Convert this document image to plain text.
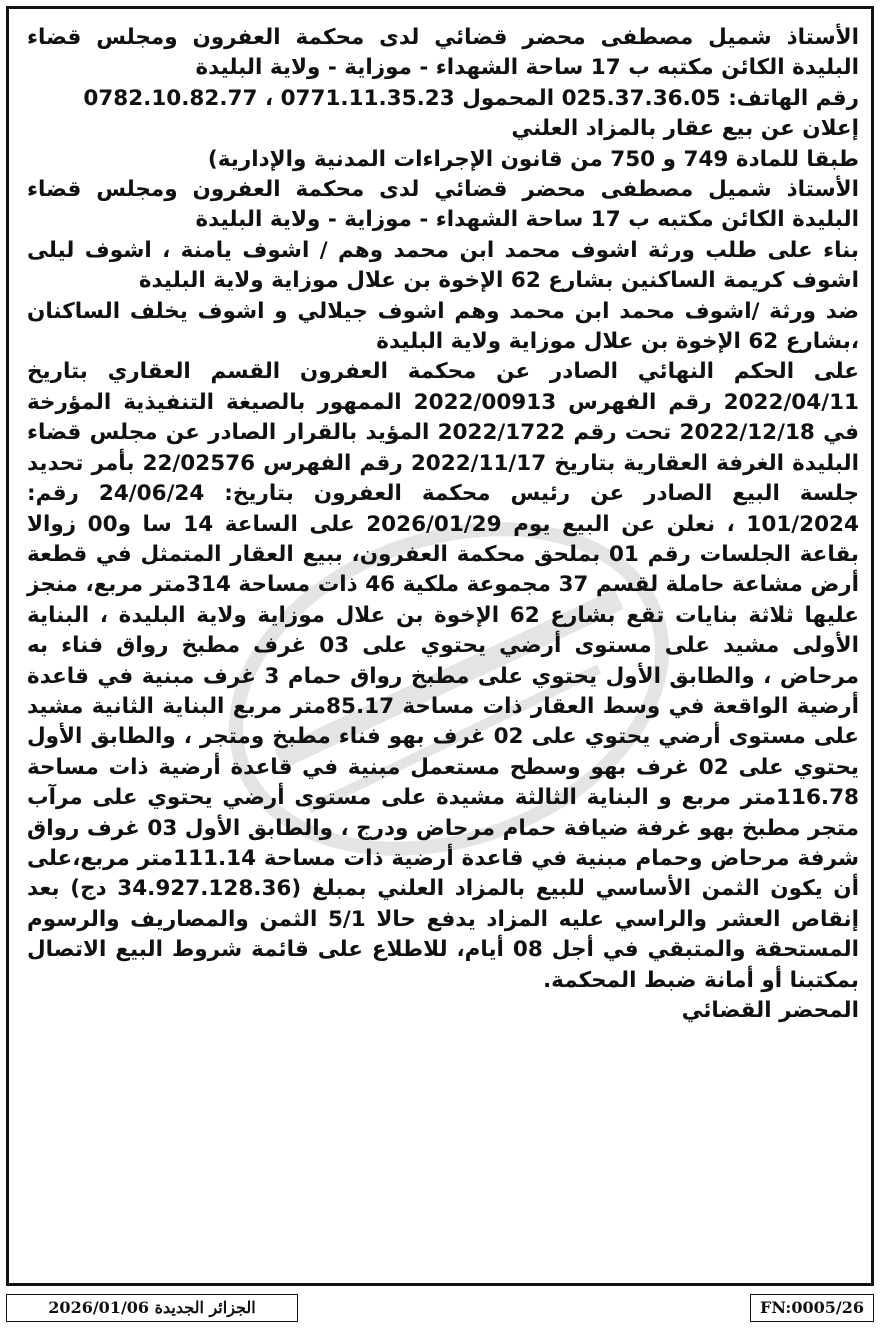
الأستاذ شميل مصطفى محضر قضائي لدى محكمة العفرون ومجلس قضاء البليدة الكائن مكتبه ب 17 ساحة الشهداء - موزاية - ولاية البليدة

رقم الهاتف: 025.37.36.05 المحمول 0771.11.35.23 ، 0782.10.82.77

إعلان عن بيع عقار بالمزاد العلني

طبقا للمادة 749 و 750 من قانون الإجراءات المدنية والإدارية)

الأستاذ شميل مصطفى محضر قضائي لدى محكمة العفرون ومجلس قضاء البليدة الكائن مكتبه ب 17 ساحة الشهداء - موزاية - ولاية البليدة

بناء على طلب ورثة اشوف محمد ابن محمد وهم / اشوف يامنة ، اشوف ليلى اشوف كريمة الساكنين بشارع 62 الإخوة بن علال موزاية ولاية البليدة

ضد ورثة /اشوف محمد ابن محمد وهم اشوف جيلالي و اشوف يخلف الساكنان ،بشارع 62 الإخوة بن علال موزاية ولاية البليدة

على الحكم النهائي الصادر عن محكمة العفرون القسم العقاري بتاريخ 2022/04/11 رقم الفهرس 2022/00913 الممهور بالصيغة التنفيذية المؤرخة في 2022/12/18 تحت رقم 2022/1722 المؤيد بالقرار الصادر عن مجلس قضاء البليدة الغرفة العقارية بتاريخ 2022/11/17 رقم الفهرس 22/02576 بأمر تحديد جلسة البيع الصادر عن رئيس محكمة العفرون بتاريخ: 24/06/24 رقم: 101/2024 ، نعلن عن البيع يوم 2026/01/29 على الساعة 14 سا و00 زوالا بقاعة الجلسات رقم 01 بملحق محكمة العفرون، ببيع العقار المتمثل في قطعة أرض مشاعة حاملة لقسم 37 مجموعة ملكية 46 ذات مساحة 314متر مربع، منجز عليها ثلاثة بنايات تقع بشارع 62 الإخوة بن علال موزاية ولاية البليدة ، البناية الأولى مشيد على مستوى أرضي يحتوي على 03 غرف مطبخ رواق فناء به مرحاض ، والطابق الأول يحتوي على مطبخ رواق حمام 3 غرف مبنية في قاعدة أرضية الواقعة في وسط العقار ذات مساحة 85.17متر مربع البناية الثانية مشيد على مستوى أرضي يحتوي على 02 غرف بهو فناء مطبخ ومتجر ، والطابق الأول يحتوي على 02 غرف بهو وسطح مستعمل مبنية في قاعدة أرضية ذات مساحة 116.78متر مربع و البناية الثالثة مشيدة على مستوى أرضي يحتوي على مرآب متجر مطبخ بهو غرفة ضيافة حمام مرحاض ودرج ، والطابق الأول 03 غرف رواق شرفة مرحاض وحمام مبنية في قاعدة أرضية ذات مساحة 111.14متر مربع،على أن يكون الثمن الأساسي للبيع بالمزاد العلني بمبلغ (34.927.128.36 دج) بعد إنقاص العشر والراسي عليه المزاد يدفع حالا 5/1 الثمن والمصاريف والرسوم المستحقة والمتبقي في أجل 08 أيام، للاطلاع على قائمة شروط البيع الاتصال بمكتبنا أو أمانة ضبط المحكمة.

المحضر القضائي

الجزائر الجديدة 2026/01/06	FN:0005/26
